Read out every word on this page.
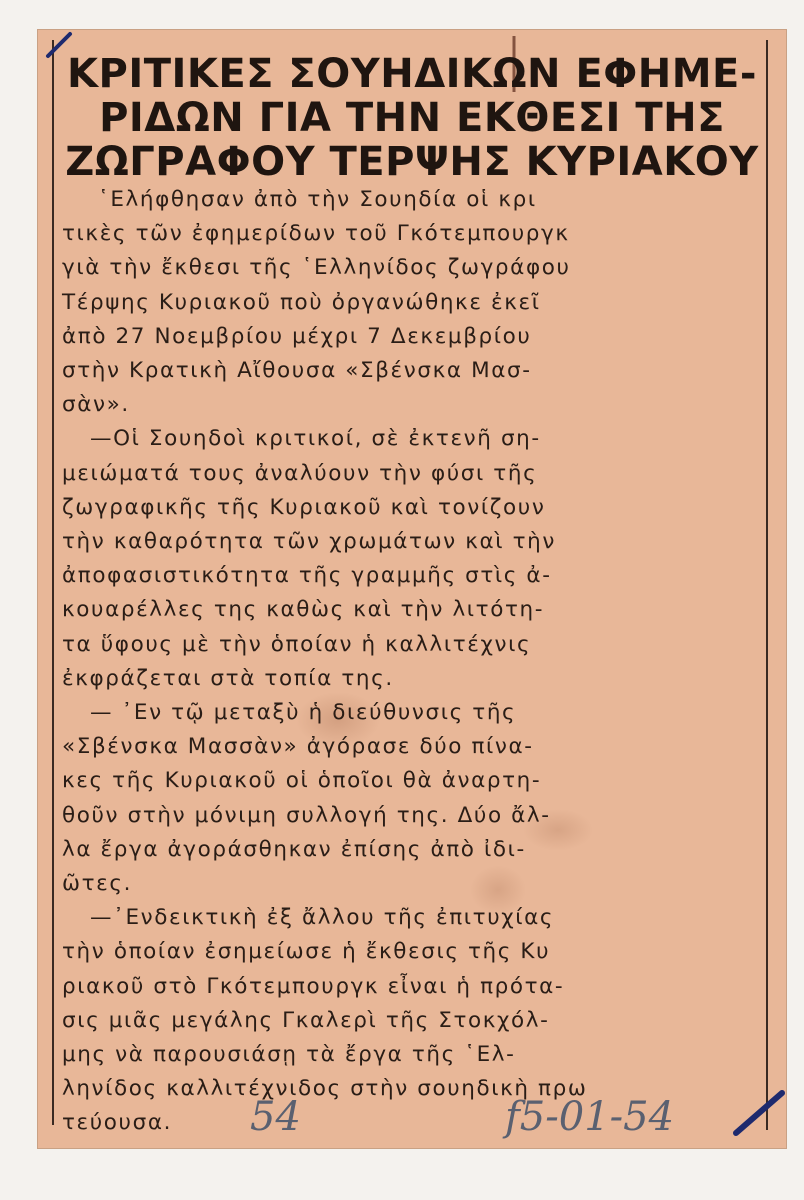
ΚΡΙΤΙΚΕΣ ΣΟΥΗΔΙΚΩΝ ΕΦΗΜΕ-
ΡΙΔΩΝ ΓΙΑ ΤΗΝ ΕΚΘΕΣΙ ΤΗΣ
ΖΩΓΡΑΦΟΥ ΤΕΡΨΗΣ ΚΥΡΙΑΚΟΥ
῾Ελήφθησαν ἀπὸ τὴν Σουηδία οἱ κρι
τικὲς τῶν ἐφημερίδων τοῦ Γκότεμπουργκ
γιὰ τὴν ἔκθεσι τῆς ῾Ελληνίδος ζωγράφου
Τέρψης Κυριακοῦ ποὺ ὀργανώθηκε ἐκεῖ
ἀπὸ 27 Νοεμβρίου μέχρι 7 Δεκεμβρίου
στὴν Κρατικὴ Αἴθουσα «Σβένσκα Μασ-
σὰν».
—Οἱ Σουηδοὶ κριτικοί, σὲ ἐκτενῆ ση-
μειώματά τους ἀναλύουν τὴν φύσι τῆς
ζωγραφικῆς τῆς Κυριακοῦ καὶ τονίζουν
τὴν καθαρότητα τῶν χρωμάτων καὶ τὴν
ἀποφασιστικότητα τῆς γραμμῆς στὶς ἀ-
κουαρέλλες της καθὼς καὶ τὴν λιτότη-
τα ὕφους μὲ τὴν ὁποίαν ἡ καλλιτέχνις
ἐκφράζεται στὰ τοπία της.
— ᾿Εν τῷ μεταξὺ ἡ διεύθυνσις τῆς
«Σβένσκα Μασσὰν» ἀγόρασε δύο πίνα-
κες τῆς Κυριακοῦ οἱ ὁποῖοι θὰ ἀναρτη-
θοῦν στὴν μόνιμη συλλογή της. Δύο ἄλ-
λα ἔργα ἀγοράσθηκαν ἐπίσης ἀπὸ ἰδι-
ῶτες.
—᾿Ενδεικτικὴ ἐξ ἄλλου τῆς ἐπιτυχίας
τὴν ὁποίαν ἐσημείωσε ἡ ἔκθεσις τῆς Κυ
ριακοῦ στὸ Γκότεμπουργκ εἶναι ἡ πρότα-
σις μιᾶς μεγάλης Γκαλερὶ τῆς Στοκχόλ-
μης νὰ παρουσιάσῃ τὰ ἔργα τῆς ῾Ελ-
ληνίδος καλλιτέχνιδος στὴν σουηδικὴ πρω
τεύουσα.	54	f5-01-54
